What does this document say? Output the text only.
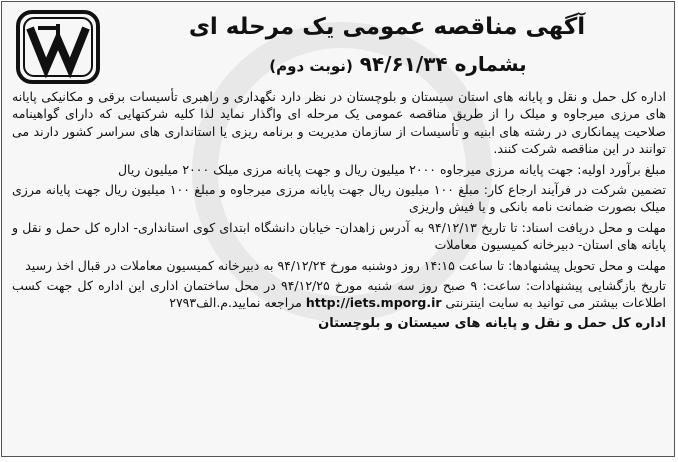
آگهی مناقصه عمومی یک مرحله ای
بشماره ۹۴/۶۱/۳۴ (نوبت دوم)

اداره کل حمل و نقل و پایانه های استان سیستان و بلوچستان در نظر دارد نگهداری و راهبری تأسیسات برقی و مکانیکی پایانه های مرزی میرجاوه و میلک را از طریق مناقصه عمومی یک مرحله ای واگذار نماید لذا کلیه شرکتهایی که دارای گواهینامه صلاحیت پیمانکاری در رشته های ابنیه و تأسیسات از سازمان مدیریت و برنامه ریزی یا استانداری های سراسر کشور دارند می توانند در این مناقصه شرکت کنند.

مبلغ برآورد اولیه: جهت پایانه مرزی میرجاوه ۲۰۰۰ میلیون ریال و جهت پایانه مرزی میلک ۲۰۰۰ میلیون ریال

تضمین شرکت در فرآیند ارجاع کار: مبلغ ۱۰۰ میلیون ریال جهت پایانه مرزی میرجاوه و مبلغ ۱۰۰ میلیون ریال جهت پایانه مرزی میلک بصورت ضمانت نامه بانکی و یا فیش واریزی

مهلت و محل دریافت اسناد: تا تاریخ ۹۴/۱۲/۱۳ به آدرس زاهدان- خیابان دانشگاه ابتدای کوی استانداری- اداره کل حمل و نقل و پایانه های استان- دبیرخانه کمیسیون معاملات

مهلت و محل تحویل پیشنهادها: تا ساعت ۱۴:۱۵ روز دوشنبه مورخ ۹۴/۱۲/۲۴ به دبیرخانه کمیسیون معاملات در قبال اخذ رسید

تاریخ بازگشایی پیشنهادات: ساعت: ۹ صبح روز سه شنبه مورخ ۹۴/۱۲/۲۵ در محل ساختمان اداری این اداره کل جهت کسب اطلاعات بیشتر می توانید به سایت اینترنتی http://iets.mporg.ir مراجعه نمایید.م.الف۲۷۹۳

اداره کل حمل و نقل و پایانه های سیستان و بلوچستان
